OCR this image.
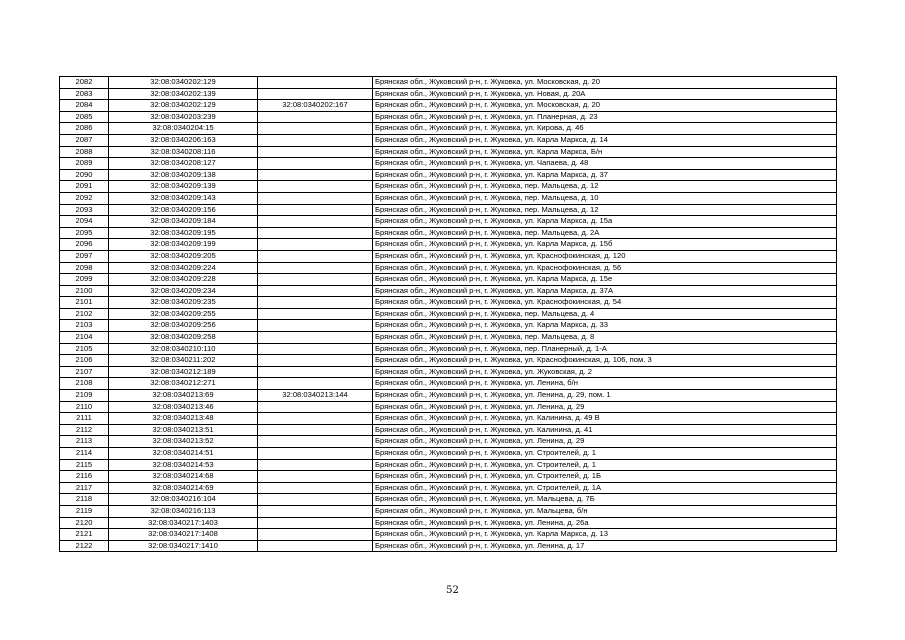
2082	32:08:0340202:129		Брянская обл., Жуковский р-н, г. Жуковка, ул. Московская, д. 20
2083	32:08:0340202:139		Брянская обл., Жуковский р-н, г. Жуковка, ул. Новая, д. 20А
2084	32:08:0340202:129	32:08:0340202:167	Брянская обл., Жуковский р-н, г. Жуковка, ул. Московская, д. 20
2085	32:08:0340203:239		Брянская обл., Жуковский р-н, г. Жуковка, ул. Планерная, д. 23
2086	32:08:0340204:15		Брянская обл., Жуковский р-н, г. Жуковка, ул. Кирова, д. 46
2087	32:08:0340206:163		Брянская обл., Жуковский р-н, г. Жуковка, ул. Карла Маркса, д. 14
2088	32:08:0340208:116		Брянская обл., Жуковский р-н, г. Жуковка, ул. Карла Маркса, Б/н
2089	32:08:0340208:127		Брянская обл., Жуковский р-н, г. Жуковка, ул. Чапаева, д. 48
2090	32:08:0340209:138		Брянская обл., Жуковский р-н, г. Жуковка, ул. Карла Маркса, д. 37
2091	32:08:0340209:139		Брянская обл., Жуковский р-н, г. Жуковка, пер. Мальцева, д. 12
2092	32:08:0340209:143		Брянская обл., Жуковский р-н, г. Жуковка, пер. Мальцева, д. 10
2093	32:08:0340209:156		Брянская обл., Жуковский р-н, г. Жуковка, пер. Мальцева, д. 12
2094	32:08:0340209:184		Брянская обл., Жуковский р-н, г. Жуковка, ул. Карла Маркса, д. 15а
2095	32:08:0340209:195		Брянская обл., Жуковский р-н, г. Жуковка, пер. Мальцева, д. 2А
2096	32:08:0340209:199		Брянская обл., Жуковский р-н, г. Жуковка, ул. Карла Маркса, д. 15б
2097	32:08:0340209:205		Брянская обл., Жуковский р-н, г. Жуковка, ул. Краснофокинская, д. 120
2098	32:08:0340209:224		Брянская обл., Жуковский р-н, г. Жуковка, ул. Краснофокинская, д. 56
2099	32:08:0340209:228		Брянская обл., Жуковский р-н, г. Жуковка, ул. Карла Маркса, д. 15е
2100	32:08:0340209:234		Брянская обл., Жуковский р-н, г. Жуковка, ул. Карла Маркса, д. 37А
2101	32:08:0340209:235		Брянская обл., Жуковский р-н, г. Жуковка, ул. Краснофокинская, д. 54
2102	32:08:0340209:255		Брянская обл., Жуковский р-н, г. Жуковка, пер. Мальцева, д. 4
2103	32:08:0340209:256		Брянская обл., Жуковский р-н, г. Жуковка, ул. Карла Маркса, д. 33
2104	32:08:0340209:258		Брянская обл., Жуковский р-н, г. Жуковка, пер. Мальцева, д. 8
2105	32:08:0340210:110		Брянская обл., Жуковский р-н, г. Жуковка, пер. Планерный, д. 1-А
2106	32:08:0340211:202		Брянская обл., Жуковский р-н, г. Жуковка, ул. Краснофокинская, д. 106, пом. 3
2107	32:08:0340212:189		Брянская обл., Жуковский р-н, г. Жуковка, ул. Жуковская, д. 2
2108	32:08:0340212:271		Брянская обл., Жуковский р-н, г. Жуковка, ул. Ленина, б/н
2109	32:08:0340213:69	32:08:0340213:144	Брянская обл., Жуковский р-н, г. Жуковка, ул. Ленина, д. 29, пом. 1
2110	32:08:0340213:46		Брянская обл., Жуковский р-н, г. Жуковка, ул. Ленина, д. 29
2111	32:08:0340213:48		Брянская обл., Жуковский р-н, г. Жуковка, ул. Калинина, д. 49 В
2112	32:08:0340213:51		Брянская обл., Жуковский р-н, г. Жуковка, ул. Калинина, д. 41
2113	32:08:0340213:52		Брянская обл., Жуковский р-н, г. Жуковка, ул. Ленина, д. 29
2114	32:08:0340214:51		Брянская обл., Жуковский р-н, г. Жуковка, ул. Строителей, д. 1
2115	32:08:0340214:53		Брянская обл., Жуковский р-н, г. Жуковка, ул. Строителей, д. 1
2116	32:08:0340214:68		Брянская обл., Жуковский р-н, г. Жуковка, ул. Строителей, д. 1Б
2117	32:08:0340214:69		Брянская обл., Жуковский р-н, г. Жуковка, ул. Строителей, д. 1А
2118	32:08:0340216:104		Брянская обл., Жуковский р-н, г. Жуковка, ул. Мальцева, д. 7Б
2119	32:08:0340216:113		Брянская обл., Жуковский р-н, г. Жуковка, ул. Мальцева, б/н
2120	32:08:0340217:1403		Брянская обл., Жуковский р-н, г. Жуковка, ул. Ленина, д. 26а
2121	32:08:0340217:1408		Брянская обл., Жуковский р-н, г. Жуковка, ул. Карла Маркса, д. 13
2122	32:08:0340217:1410		Брянская обл., Жуковский р-н, г. Жуковка, ул. Ленина, д. 17
52
